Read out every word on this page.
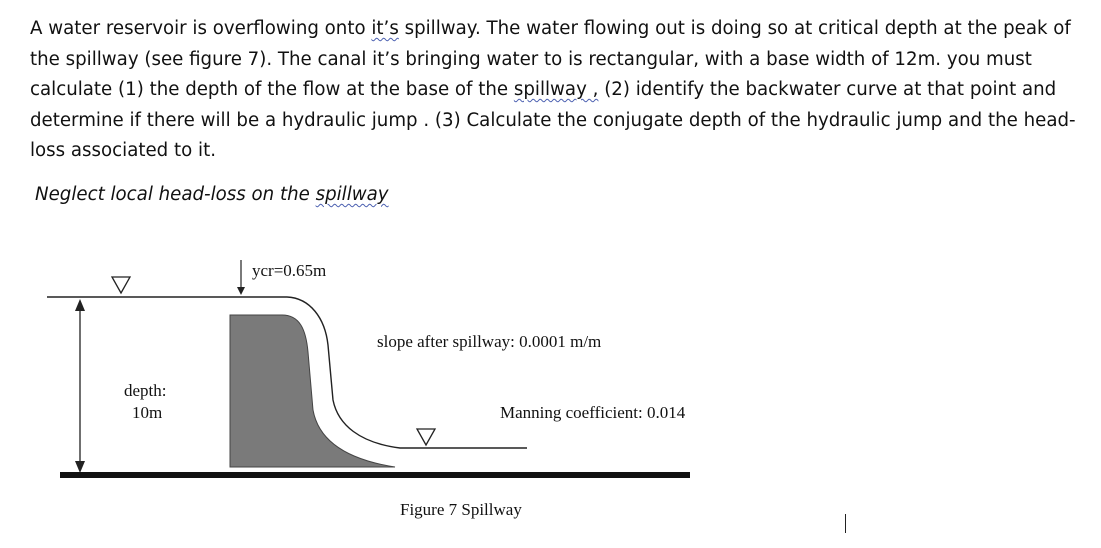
A water reservoir is overflowing onto it’s spillway. The water flowing out is doing so at critical depth at the peak of the spillway (see figure 7). The canal it’s bringing water to is rectangular, with a base width of 12m. you must calculate (1) the depth of the flow at the base of the spillway , (2) identify the backwater curve at that point and determine if there will be a hydraulic jump . (3) Calculate the conjugate depth of the hydraulic jump and the head-loss associated to it.
Neglect local head-loss on the spillway
ycr=0.65m
slope after spillway: 0.0001 m/m
depth:
10m	Manning coefficient: 0.014
Figure 7 Spillway
